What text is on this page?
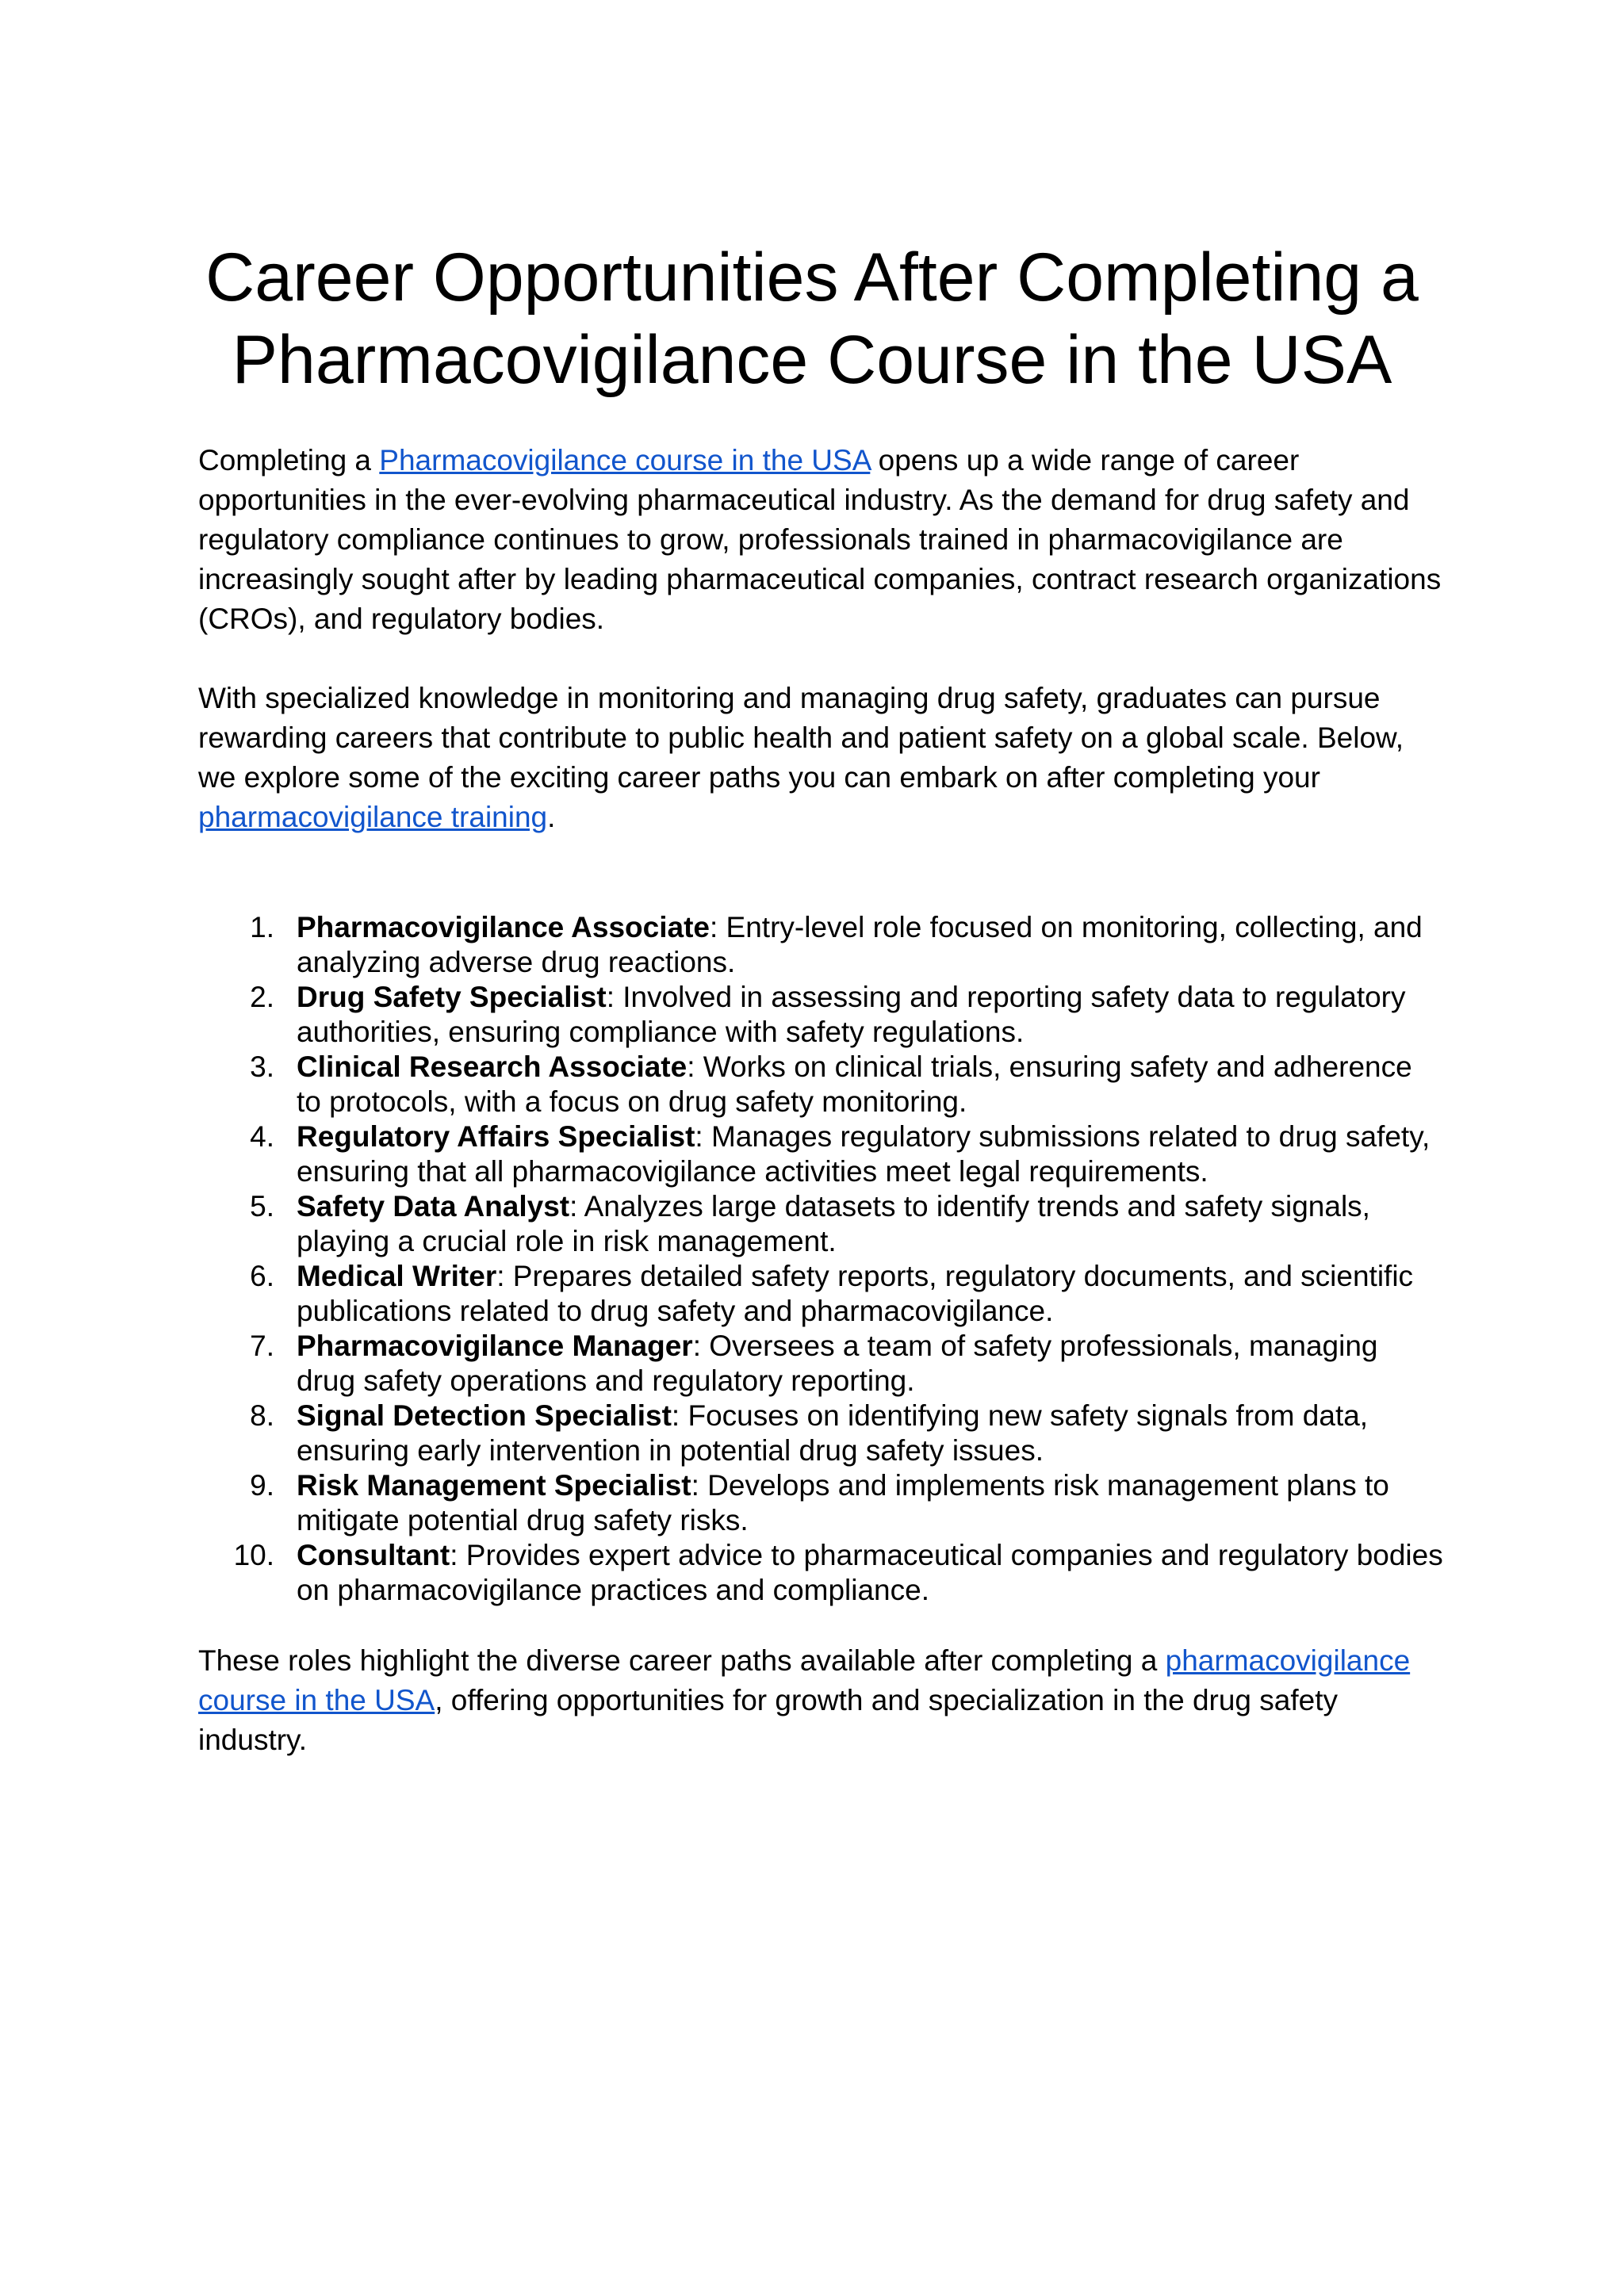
Career Opportunities After Completing a Pharmacovigilance Course in the USA

Completing a Pharmacovigilance course in the USA opens up a wide range of career opportunities in the ever-evolving pharmaceutical industry. As the demand for drug safety and regulatory compliance continues to grow, professionals trained in pharmacovigilance are increasingly sought after by leading pharmaceutical companies, contract research organizations (CROs), and regulatory bodies.

With specialized knowledge in monitoring and managing drug safety, graduates can pursue rewarding careers that contribute to public health and patient safety on a global scale. Below, we explore some of the exciting career paths you can embark on after completing your pharmacovigilance training.

1. Pharmacovigilance Associate: Entry-level role focused on monitoring, collecting, and analyzing adverse drug reactions.
2. Drug Safety Specialist: Involved in assessing and reporting safety data to regulatory authorities, ensuring compliance with safety regulations.
3. Clinical Research Associate: Works on clinical trials, ensuring safety and adherence to protocols, with a focus on drug safety monitoring.
4. Regulatory Affairs Specialist: Manages regulatory submissions related to drug safety, ensuring that all pharmacovigilance activities meet legal requirements.
5. Safety Data Analyst: Analyzes large datasets to identify trends and safety signals, playing a crucial role in risk management.
6. Medical Writer: Prepares detailed safety reports, regulatory documents, and scientific publications related to drug safety and pharmacovigilance.
7. Pharmacovigilance Manager: Oversees a team of safety professionals, managing drug safety operations and regulatory reporting.
8. Signal Detection Specialist: Focuses on identifying new safety signals from data, ensuring early intervention in potential drug safety issues.
9. Risk Management Specialist: Develops and implements risk management plans to mitigate potential drug safety risks.
10. Consultant: Provides expert advice to pharmaceutical companies and regulatory bodies on pharmacovigilance practices and compliance.

These roles highlight the diverse career paths available after completing a pharmacovigilance course in the USA, offering opportunities for growth and specialization in the drug safety industry.
